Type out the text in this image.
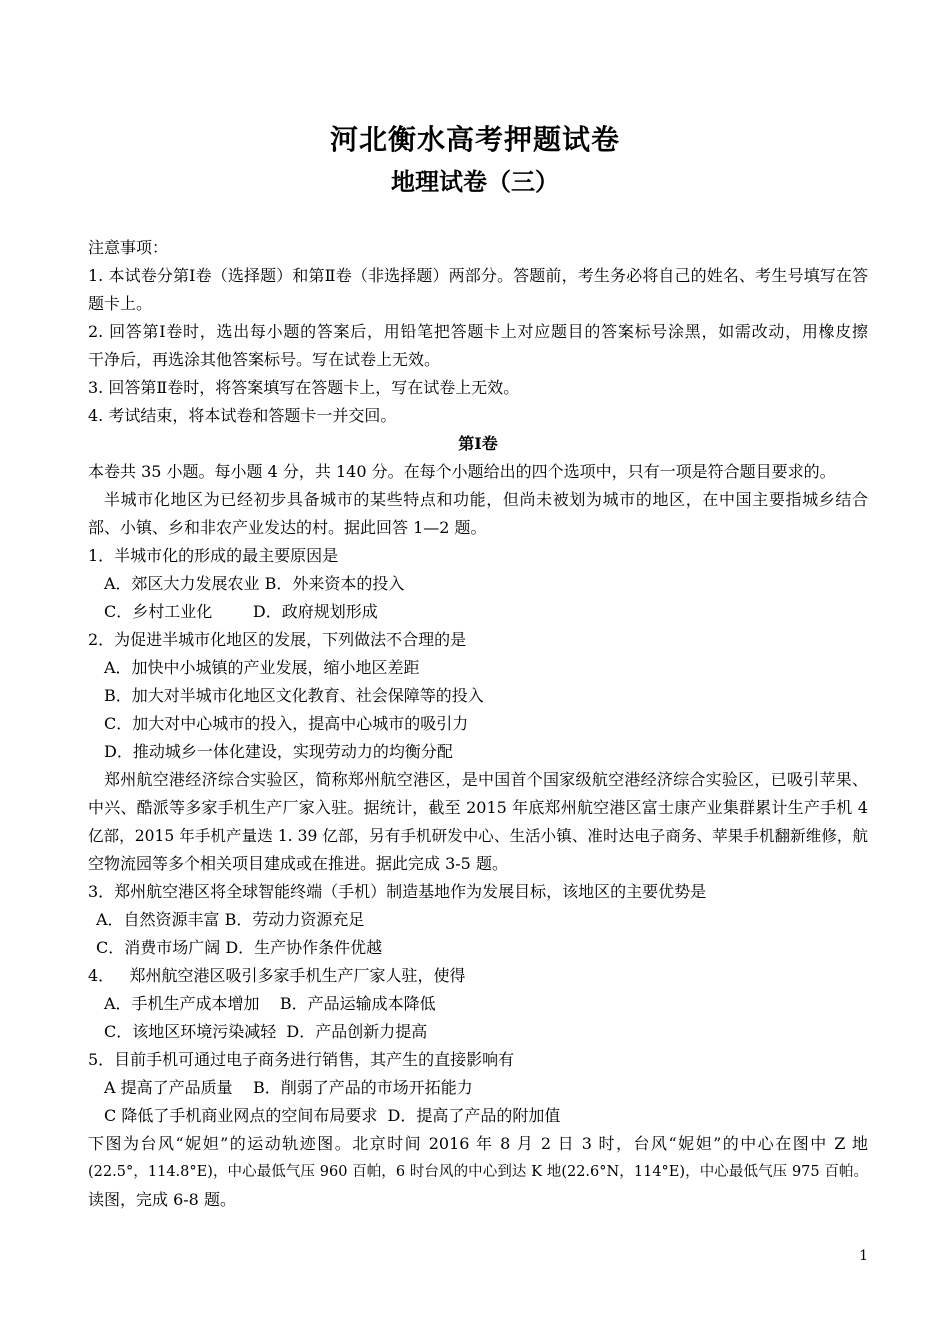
河北衡水高考押题试卷
地理试卷（三）
注意事项：
1. 本试卷分第Ⅰ卷（选择题）和第Ⅱ卷（非选择题）两部分。答题前，考生务必将自己的姓名、考生号填写在答
题卡上。
2. 回答第Ⅰ卷时，选出每小题的答案后，用铅笔把答题卡上对应题目的答案标号涂黑，如需改动，用橡皮擦
干净后，再选涂其他答案标号。写在试卷上无效。
3. 回答第Ⅱ卷时，将答案填写在答题卡上，写在试卷上无效。
4. 考试结束，将本试卷和答题卡一并交回。
第Ⅰ卷
本卷共 35 小题。每小题 4 分，共 140 分。在每个小题给出的四个选项中，只有一项是符合题目要求的。
半城市化地区为已经初步具备城市的某些特点和功能，但尚未被划为城市的地区，在中国主要指城乡结合
部、小镇、乡和非农产业发达的村。据此回答 1—2 题。
1．半城市化的形成的最主要原因是
A．郊区大力发展农业 B．外来资本的投入
C．乡村工业化        D．政府规划形成
2．为促进半城市化地区的发展，下列做法不合理的是
A．加快中小城镇的产业发展，缩小地区差距
B．加大对半城市化地区文化教育、社会保障等的投入
C．加大对中心城市的投入，提高中心城市的吸引力
D．推动城乡一体化建设，实现劳动力的均衡分配
郑州航空港经济综合实验区，简称郑州航空港区，是中国首个国家级航空港经济综合实验区，已吸引苹果、
中兴、酷派等多家手机生产厂家入驻。据统计，截至 2015 年底郑州航空港区富士康产业集群累计生产手机 4
亿部，2015 年手机产量迭 1. 39 亿部，另有手机研发中心、生活小镇、准时达电子商务、苹果手机翻新维修，航
空物流园等多个相关项目建成或在推进。据此完成 3-5 题。
3．郑州航空港区将全球智能终端（手机）制造基地作为发展目标，该地区的主要优势是
A．自然资源丰富 B．劳动力资源充足
C．消费市场广阔 D．生产协作条件优越
4．   郑州航空港区吸引多家手机生产厂家人驻，使得
A．手机生产成本增加    B．产品运输成本降低
C．该地区环境污染减轻  D．产品创新力提高
5．目前手机可通过电子商务进行销售，其产生的直接影响有
A 提高了产品质量    B．削弱了产品的市场开拓能力
C 降低了手机商业网点的空间布局要求  D．提高了产品的附加值
下图为台风“妮妲”的运动轨迹图。北京时间 2016 年 8 月 2 日 3 时，台风“妮妲”的中心在图中 Z 地
(22.5°，114.8°E)，中心最低气压 960 百帕，6 时台风的中心到达 K 地(22.6°N，114°E)，中心最低气压 975 百帕。
读图，完成 6-8 题。
1
